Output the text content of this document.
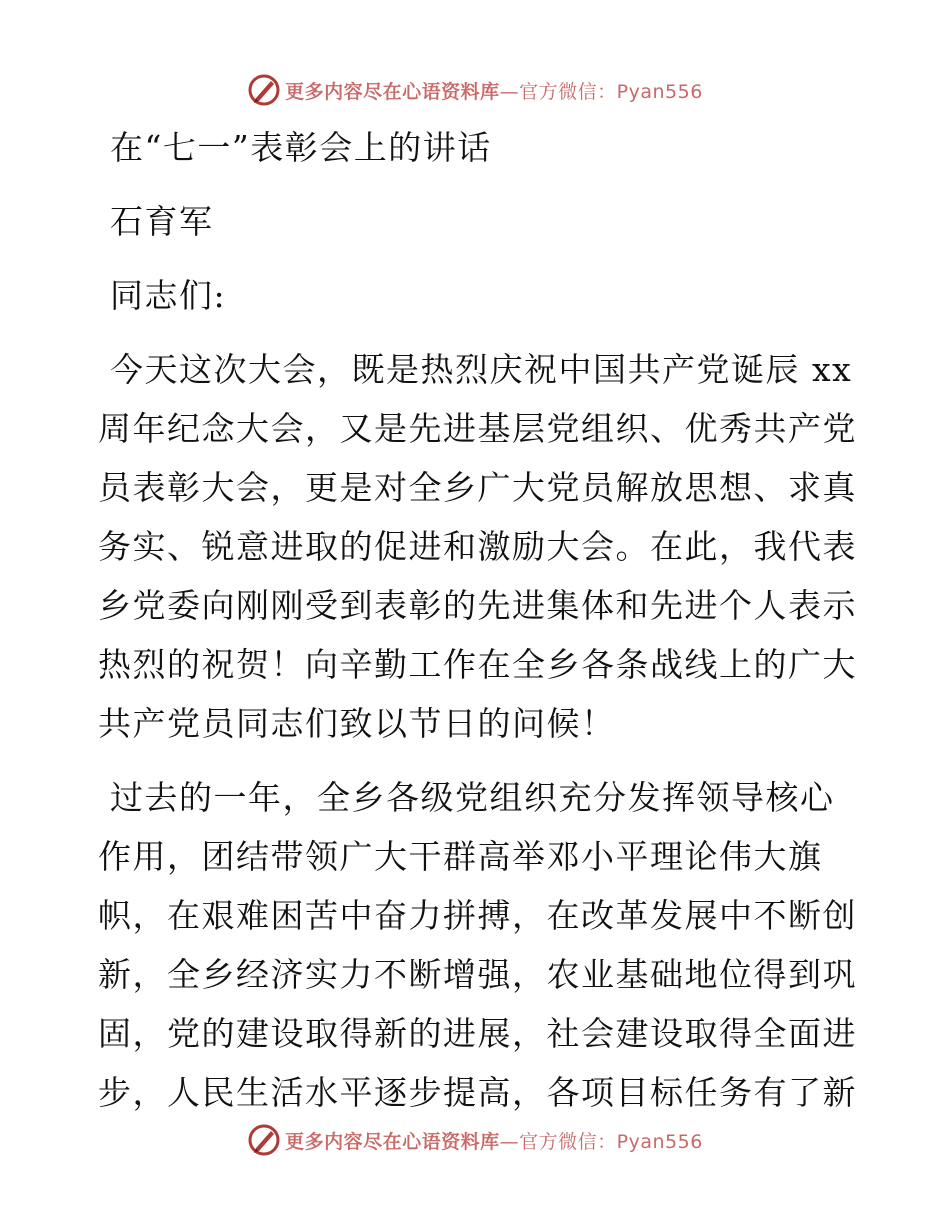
更多内容尽在心语资料库—官方微信：Pyan556
在“七一”表彰会上的讲话
石育军
同志们:
今天这次大会，既是热烈庆祝中国共产党诞辰 xx
周年纪念大会，又是先进基层党组织、优秀共产党
员表彰大会，更是对全乡广大党员解放思想、求真
务实、锐意进取的促进和激励大会。在此，我代表
乡党委向刚刚受到表彰的先进集体和先进个人表示
热烈的祝贺！向辛勤工作在全乡各条战线上的广大
共产党员同志们致以节日的问候！
过去的一年，全乡各级党组织充分发挥领导核心
作用，团结带领广大干群高举邓小平理论伟大旗
帜，在艰难困苦中奋力拼搏，在改革发展中不断创
新，全乡经济实力不断增强，农业基础地位得到巩
固，党的建设取得新的进展，社会建设取得全面进
步，人民生活水平逐步提高，各项目标任务有了新
更多内容尽在心语资料库—官方微信：Pyan556
